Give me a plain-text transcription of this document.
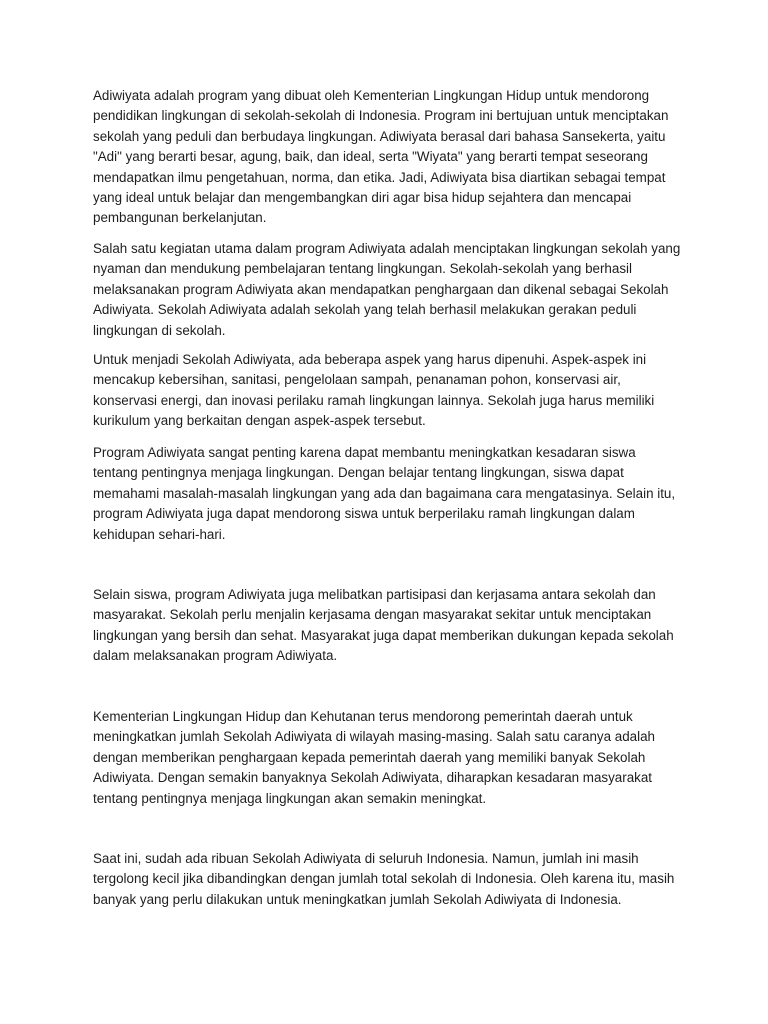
Adiwiyata adalah program yang dibuat oleh Kementerian Lingkungan Hidup untuk mendorong pendidikan lingkungan di sekolah-sekolah di Indonesia. Program ini bertujuan untuk menciptakan sekolah yang peduli dan berbudaya lingkungan. Adiwiyata berasal dari bahasa Sansekerta, yaitu "Adi" yang berarti besar, agung, baik, dan ideal, serta "Wiyata" yang berarti tempat seseorang mendapatkan ilmu pengetahuan, norma, dan etika. Jadi, Adiwiyata bisa diartikan sebagai tempat yang ideal untuk belajar dan mengembangkan diri agar bisa hidup sejahtera dan mencapai pembangunan berkelanjutan.

Salah satu kegiatan utama dalam program Adiwiyata adalah menciptakan lingkungan sekolah yang nyaman dan mendukung pembelajaran tentang lingkungan. Sekolah-sekolah yang berhasil melaksanakan program Adiwiyata akan mendapatkan penghargaan dan dikenal sebagai Sekolah Adiwiyata. Sekolah Adiwiyata adalah sekolah yang telah berhasil melakukan gerakan peduli lingkungan di sekolah.

Untuk menjadi Sekolah Adiwiyata, ada beberapa aspek yang harus dipenuhi. Aspek-aspek ini mencakup kebersihan, sanitasi, pengelolaan sampah, penanaman pohon, konservasi air, konservasi energi, dan inovasi perilaku ramah lingkungan lainnya. Sekolah juga harus memiliki kurikulum yang berkaitan dengan aspek-aspek tersebut.

Program Adiwiyata sangat penting karena dapat membantu meningkatkan kesadaran siswa tentang pentingnya menjaga lingkungan. Dengan belajar tentang lingkungan, siswa dapat memahami masalah-masalah lingkungan yang ada dan bagaimana cara mengatasinya. Selain itu, program Adiwiyata juga dapat mendorong siswa untuk berperilaku ramah lingkungan dalam kehidupan sehari-hari.

Selain siswa, program Adiwiyata juga melibatkan partisipasi dan kerjasama antara sekolah dan masyarakat. Sekolah perlu menjalin kerjasama dengan masyarakat sekitar untuk menciptakan lingkungan yang bersih dan sehat. Masyarakat juga dapat memberikan dukungan kepada sekolah dalam melaksanakan program Adiwiyata.

Kementerian Lingkungan Hidup dan Kehutanan terus mendorong pemerintah daerah untuk meningkatkan jumlah Sekolah Adiwiyata di wilayah masing-masing. Salah satu caranya adalah dengan memberikan penghargaan kepada pemerintah daerah yang memiliki banyak Sekolah Adiwiyata. Dengan semakin banyaknya Sekolah Adiwiyata, diharapkan kesadaran masyarakat tentang pentingnya menjaga lingkungan akan semakin meningkat.

Saat ini, sudah ada ribuan Sekolah Adiwiyata di seluruh Indonesia. Namun, jumlah ini masih tergolong kecil jika dibandingkan dengan jumlah total sekolah di Indonesia. Oleh karena itu, masih banyak yang perlu dilakukan untuk meningkatkan jumlah Sekolah Adiwiyata di Indonesia.
